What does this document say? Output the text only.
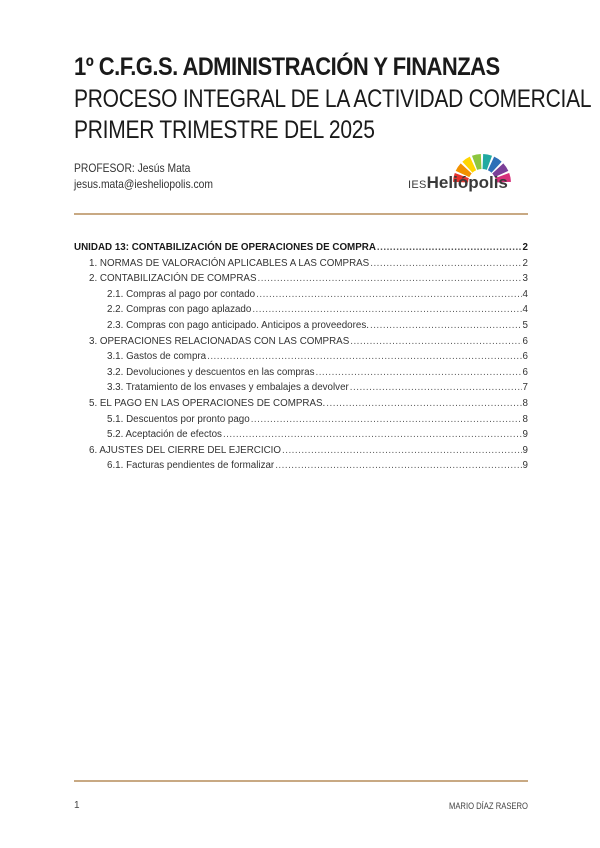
1º C.F.G.S. ADMINISTRACIÓN Y FINANZAS
PROCESO INTEGRAL DE LA ACTIVIDAD COMERCIAL
PRIMER TRIMESTRE DEL 2025
PROFESOR: Jesús Mata
jesus.mata@iesheliopolis.com	IESHeliópolis
UNIDAD 13: CONTABILIZACIÓN DE OPERACIONES DE COMPRA .....	2
1. NORMAS DE VALORACIÓN APLICABLES A LAS COMPRAS .....	2
2. CONTABILIZACIÓN DE COMPRAS .....	3
2.1. Compras al pago por contado .....	4
2.2. Compras con pago aplazado .....	4
2.3. Compras con pago anticipado. Anticipos a proveedores. .....	5
3. OPERACIONES RELACIONADAS CON LAS COMPRAS .....	6
3.1. Gastos de compra .....	6
3.2. Devoluciones y descuentos en las compras .....	6
3.3. Tratamiento de los envases y embalajes a devolver .....	7
5. EL PAGO EN LAS OPERACIONES DE COMPRAS. .....	8
5.1. Descuentos por pronto pago .....	8
5.2. Aceptación de efectos .....	9
6. AJUSTES DEL CIERRE DEL EJERCICIO .....	9
6.1. Facturas pendientes de formalizar .....	9
1	MARIO DÍAZ RASERO
